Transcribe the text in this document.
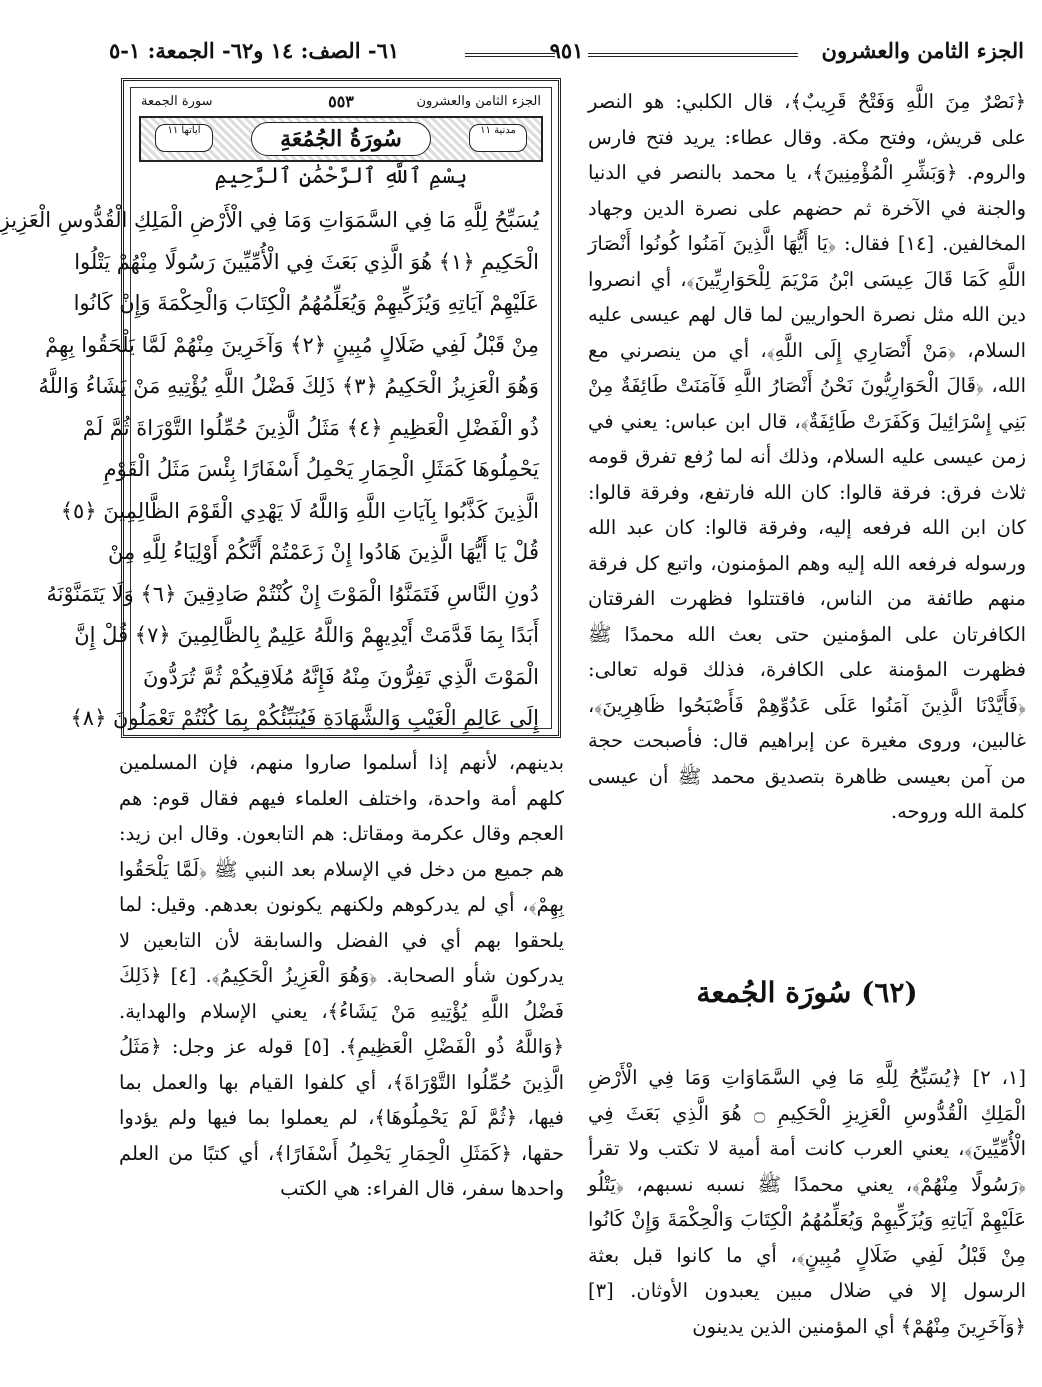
الجزء الثامن والعشرون
٩٥١
٦١- الصف: ١٤ و٦٢- الجمعة: ١-٥

﴿نَصْرٌ مِنَ اللَّهِ وَفَتْحٌ قَرِيبٌ﴾، قال الكلبي: هو النصر على قريش، وفتح مكة. وقال عطاء: يريد فتح فارس والروم. ﴿وَبَشِّرِ الْمُؤْمِنِينَ﴾، يا محمد بالنصر في الدنيا والجنة في الآخرة ثم حضهم على نصرة الدين وجهاد المخالفين. [١٤] فقال: ﴿يَا أَيُّهَا الَّذِينَ آمَنُوا كُونُوا أَنْصَارَ اللَّهِ كَمَا قَالَ عِيسَى ابْنُ مَرْيَمَ لِلْحَوَارِيِّينَ﴾، أي انصروا دين الله مثل نصرة الحواريين لما قال لهم عيسى عليه السلام، ﴿مَنْ أَنْصَارِي إِلَى اللَّهِ﴾، أي من ينصرني مع الله، ﴿قَالَ الْحَوَارِيُّونَ نَحْنُ أَنْصَارُ اللَّهِ فَآمَنَتْ طَائِفَةٌ مِنْ بَنِي إِسْرَائِيلَ وَكَفَرَتْ طَائِفَةٌ﴾، قال ابن عباس: يعني في زمن عيسى عليه السلام، وذلك أنه لما رُفع تفرق قومه ثلاث فرق: فرقة قالوا: كان الله فارتفع، وفرقة قالوا: كان ابن الله فرفعه إليه، وفرقة قالوا: كان عبد الله ورسوله فرفعه الله إليه وهم المؤمنون، واتبع كل فرقة منهم طائفة من الناس، فاقتتلوا فظهرت الفرقتان الكافرتان على المؤمنين حتى بعث الله محمدًا ﷺ فظهرت المؤمنة على الكافرة، فذلك قوله تعالى: ﴿فَأَيَّدْنَا الَّذِينَ آمَنُوا عَلَى عَدُوِّهِمْ فَأَصْبَحُوا ظَاهِرِينَ﴾، غالبين، وروى مغيرة عن إبراهيم قال: فأصبحت حجة من آمن بعيسى ظاهرة بتصديق محمد ﷺ أن عيسى كلمة الله وروحه.

(٦٢) سُورَة الجُمعة

[١، ٢] ﴿يُسَبِّحُ لِلَّهِ مَا فِي السَّمَاوَاتِ وَمَا فِي الْأَرْضِ الْمَلِكِ الْقُدُّوسِ الْعَزِيزِ الْحَكِيمِ ۝ هُوَ الَّذِي بَعَثَ فِي الْأُمِّيِّينَ﴾، يعني العرب كانت أمة أمية لا تكتب ولا تقرأ ﴿رَسُولًا مِنْهُمْ﴾، يعني محمدًا ﷺ نسبه نسبهم، ﴿يَتْلُو عَلَيْهِمْ آيَاتِهِ وَيُزَكِّيهِمْ وَيُعَلِّمُهُمُ الْكِتَابَ وَالْحِكْمَةَ وَإِنْ كَانُوا مِنْ قَبْلُ لَفِي ضَلَالٍ مُبِينٍ﴾، أي ما كانوا قبل بعثة الرسول إلا في ضلال مبين يعبدون الأوثان. [٣] ﴿وَآخَرِينَ مِنْهُمْ﴾ أي المؤمنين الذين يدينون

الجزء الثامن والعشرون
٥٥٣
سورة الجمعة
مدنية ١١
سُورَةُ الجُمُعَةِ
آياتها ١١
بِسْمِ ٱللَّهِ ٱلرَّحْمَٰنِ ٱلرَّحِيمِ
يُسَبِّحُ لِلَّهِ مَا فِي السَّمَوَاتِ وَمَا فِي الْأَرْضِ الْمَلِكِ الْقُدُّوسِ الْعَزِيزِ
الْحَكِيمِ ﴿١﴾ هُوَ الَّذِي بَعَثَ فِي الْأُمِّيِّينَ رَسُولًا مِنْهُمْ يَتْلُوا
عَلَيْهِمْ آيَاتِهِ وَيُزَكِّيهِمْ وَيُعَلِّمُهُمُ الْكِتَابَ وَالْحِكْمَةَ وَإِنْ كَانُوا
مِنْ قَبْلُ لَفِي ضَلَالٍ مُبِينٍ ﴿٢﴾ وَآخَرِينَ مِنْهُمْ لَمَّا يَلْحَقُوا بِهِمْ
وَهُوَ الْعَزِيزُ الْحَكِيمُ ﴿٣﴾ ذَلِكَ فَضْلُ اللَّهِ يُؤْتِيهِ مَنْ يَشَاءُ وَاللَّهُ
ذُو الْفَضْلِ الْعَظِيمِ ﴿٤﴾ مَثَلُ الَّذِينَ حُمِّلُوا التَّوْرَاةَ ثُمَّ لَمْ
يَحْمِلُوهَا كَمَثَلِ الْحِمَارِ يَحْمِلُ أَسْفَارًا بِئْسَ مَثَلُ الْقَوْمِ
الَّذِينَ كَذَّبُوا بِآيَاتِ اللَّهِ وَاللَّهُ لَا يَهْدِي الْقَوْمَ الظَّالِمِينَ ﴿٥﴾
قُلْ يَا أَيُّهَا الَّذِينَ هَادُوا إِنْ زَعَمْتُمْ أَنَّكُمْ أَوْلِيَاءُ لِلَّهِ مِنْ
دُونِ النَّاسِ فَتَمَنَّوُا الْمَوْتَ إِنْ كُنْتُمْ صَادِقِينَ ﴿٦﴾ وَلَا يَتَمَنَّوْنَهُ
أَبَدًا بِمَا قَدَّمَتْ أَيْدِيهِمْ وَاللَّهُ عَلِيمٌ بِالظَّالِمِينَ ﴿٧﴾ قُلْ إِنَّ
الْمَوْتَ الَّذِي تَفِرُّونَ مِنْهُ فَإِنَّهُ مُلَاقِيكُمْ ثُمَّ تُرَدُّونَ
إِلَى عَالِمِ الْغَيْبِ وَالشَّهَادَةِ فَيُنَبِّئُكُمْ بِمَا كُنْتُمْ تَعْمَلُونَ ﴿٨﴾

بدينهم، لأنهم إذا أسلموا صاروا منهم، فإن المسلمين كلهم أمة واحدة، واختلف العلماء فيهم فقال قوم: هم العجم وقال عكرمة ومقاتل: هم التابعون. وقال ابن زيد: هم جميع من دخل في الإسلام بعد النبي ﷺ ﴿لَمَّا يَلْحَقُوا بِهِمْ﴾، أي لم يدركوهم ولكنهم يكونون بعدهم. وقيل: لما يلحقوا بهم أي في الفضل والسابقة لأن التابعين لا يدركون شأو الصحابة. ﴿وَهُوَ الْعَزِيزُ الْحَكِيمُ﴾. [٤] ﴿ذَلِكَ فَضْلُ اللَّهِ يُؤْتِيهِ مَنْ يَشَاءُ﴾، يعني الإسلام والهداية. ﴿وَاللَّهُ ذُو الْفَضْلِ الْعَظِيمِ﴾. [٥] قوله عز وجل: ﴿مَثَلُ الَّذِينَ حُمِّلُوا التَّوْرَاةَ﴾، أي كلفوا القيام بها والعمل بما فيها، ﴿ثُمَّ لَمْ يَحْمِلُوهَا﴾، لم يعملوا بما فيها ولم يؤدوا حقها، ﴿كَمَثَلِ الْحِمَارِ يَحْمِلُ أَسْفَارًا﴾، أي كتبًا من العلم واحدها سفر، قال الفراء: هي الكتب
